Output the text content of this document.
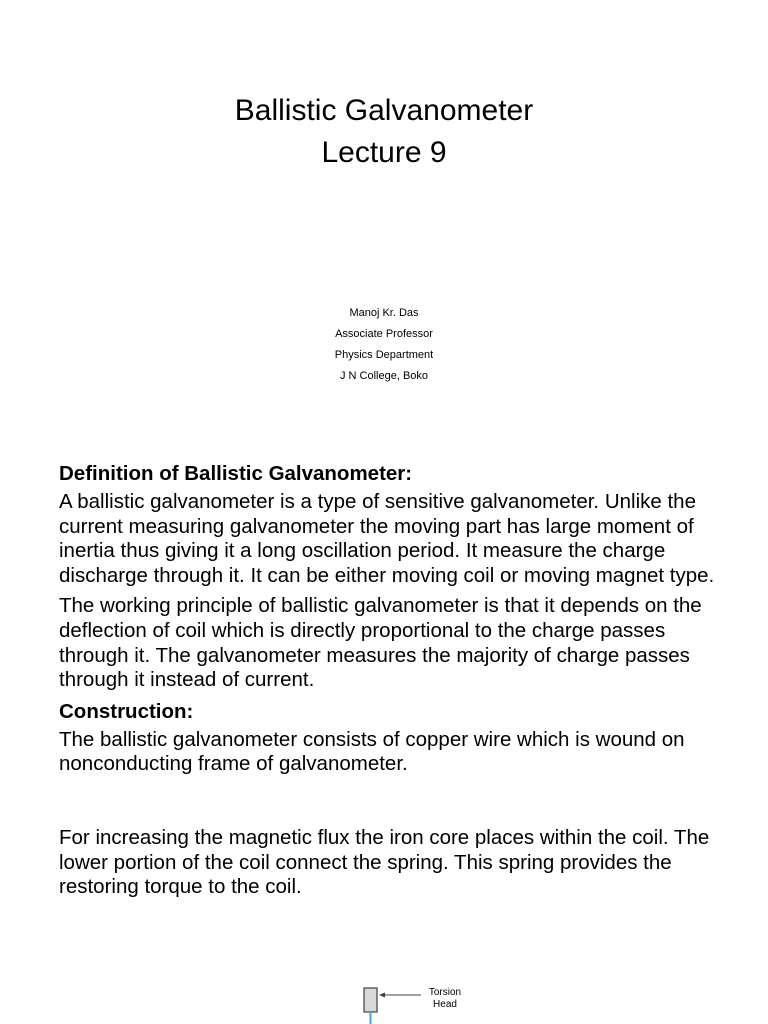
Ballistic Galvanometer

Lecture 9

Manoj Kr. Das

Associate Professor

Physics Department

J N College, Boko

Definition of Ballistic Galvanometer:

A ballistic galvanometer is a type of sensitive galvanometer. Unlike the current measuring galvanometer the moving part has large moment of inertia thus giving it a long oscillation period. It measure the charge discharge through it. It can be either moving coil or moving magnet type.

The working principle of ballistic galvanometer is that it depends on the deflection of coil which is directly proportional to the charge passes through it. The galvanometer measures the majority of charge passes through it instead of current.

Construction:

The ballistic galvanometer consists of copper wire which is wound on nonconducting frame of galvanometer.

For increasing the magnetic flux the iron core places within the coil. The lower portion of the coil connect the spring. This spring provides the restoring torque to the coil.

Torsion
Head
